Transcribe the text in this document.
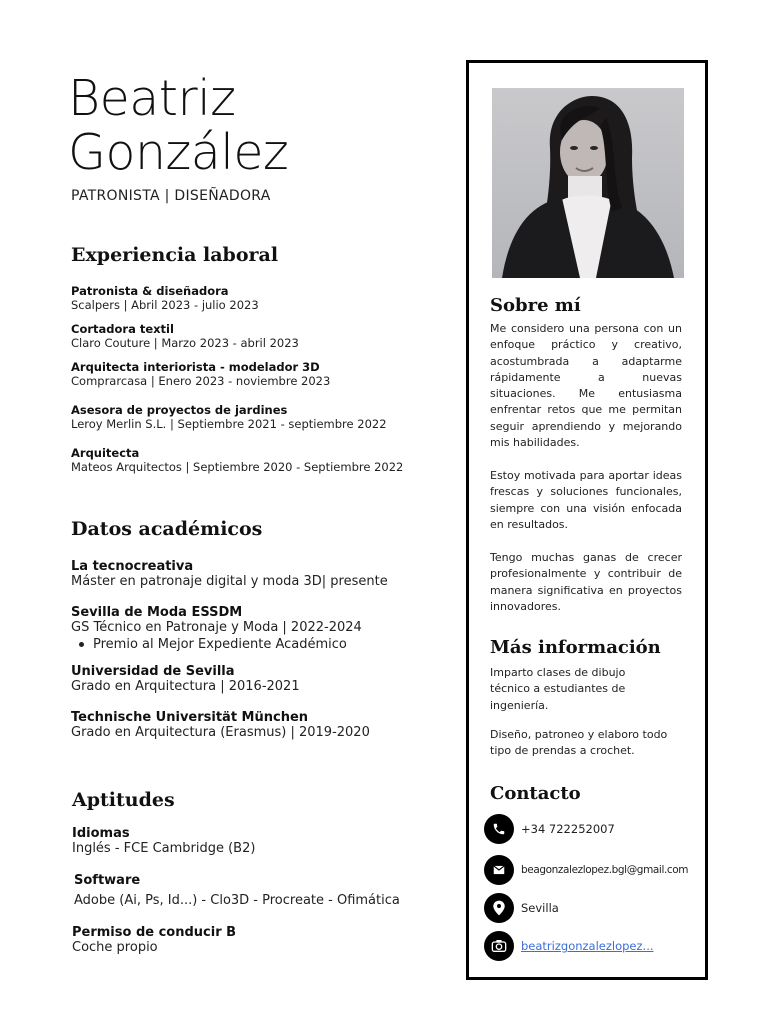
Beatriz
González
PATRONISTA | DISEÑADORA
Experiencia laboral
Patronista & diseñadora
Scalpers | Abril 2023 - julio 2023
Cortadora textil
Claro Couture | Marzo 2023 - abril 2023
Arquitecta interiorista - modelador 3D
Comprarcasa | Enero 2023 - noviembre 2023
Asesora de proyectos de jardines
Leroy Merlin S.L. | Septiembre 2021 - septiembre 2022
Arquitecta
Mateos Arquitectos | Septiembre 2020 - Septiembre 2022
Datos académicos
La tecnocreativa
Máster en patronaje digital y moda 3D| presente
Sevilla de Moda ESSDM
GS Técnico en Patronaje y Moda | 2022-2024
Premio al Mejor Expediente Académico
Universidad de Sevilla
Grado en Arquitectura | 2016-2021
Technische Universität München
Grado en Arquitectura (Erasmus) | 2019-2020
Aptitudes
Idiomas
Inglés - FCE Cambridge (B2)
Software
Adobe (Ai, Ps, Id...) - Clo3D - Procreate - Ofimática
Permiso de conducir B
Coche propio
Sobre mí
Me considero una persona con un enfoque práctico y creativo, acostumbrada a adaptarme rápidamente a nuevas situaciones. Me entusiasma enfrentar retos que me permitan seguir aprendiendo y mejorando mis habilidades.
Estoy motivada para aportar ideas frescas y soluciones funcionales, siempre con una visión enfocada en resultados.
Tengo muchas ganas de crecer profesionalmente y contribuir de manera significativa en proyectos innovadores.
Más información
Imparto clases de dibujo técnico a estudiantes de ingeniería.
Diseño, patroneo y elaboro todo tipo de prendas a crochet.
Contacto
+34 722252007
beagonzalezlopez.bgl@gmail.com
Sevilla
beatrizgonzalezlopez...
